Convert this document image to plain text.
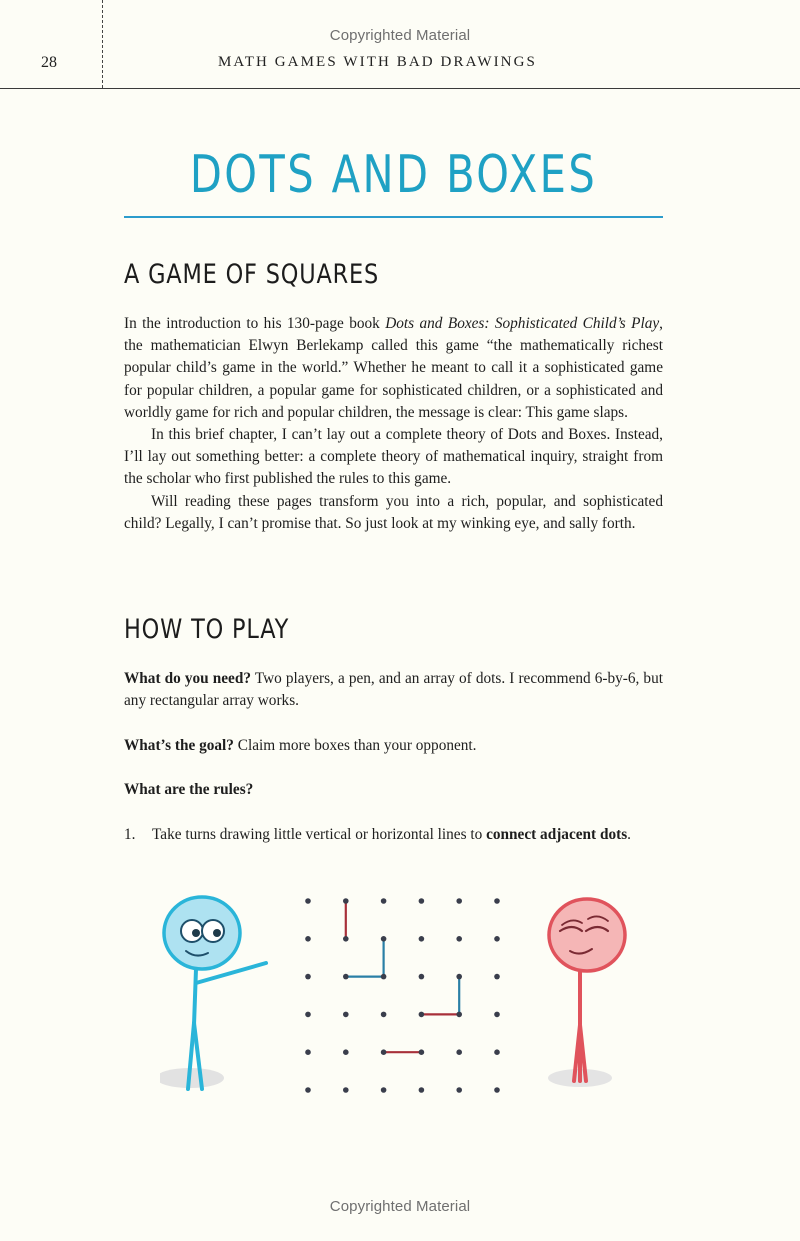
Copyrighted Material
28	MATH GAMES WITH BAD DRAWINGS
DOTS AND BOXES
A GAME OF SQUARES
In the introduction to his 130-page book Dots and Boxes: Sophisticated Child’s Play, the mathematician Elwyn Berlekamp called this game “the mathematically richest popular child’s game in the world.” Whether he meant to call it a sophisticated game for popular children, a popular game for sophisticated children, or a sophisticated and worldly game for rich and popular children, the message is clear: This game slaps.
In this brief chapter, I can’t lay out a complete theory of Dots and Boxes. Instead, I’ll lay out something better: a complete theory of mathematical inquiry, straight from the scholar who first published the rules to this game.
Will reading these pages transform you into a rich, popular, and sophisticated child? Legally, I can’t promise that. So just look at my winking eye, and sally forth.
HOW TO PLAY

What do you need? Two players, a pen, and an array of dots. I recommend 6-by-6, but any rectangular array works.

What’s the goal? Claim more boxes than your opponent.

What are the rules?

1. Take turns drawing little vertical or horizontal lines to connect adjacent dots.

Copyrighted Material
